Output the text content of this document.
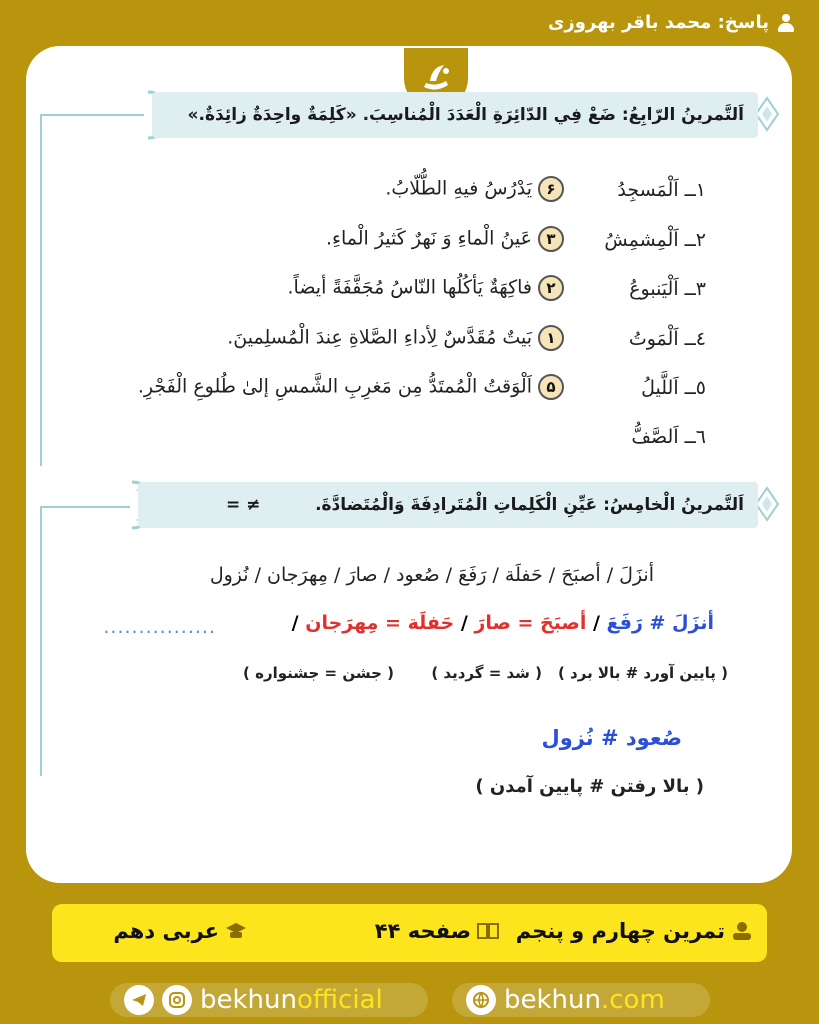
پاسخ: محمد باقر بهروزی
اَلتَّمرینُ الرّابِعُ: ضَعْ فِي الدّائِرَةِ الْعَدَدَ الْمُناسِبَ. «کَلِمَةٌ واحِدَةٌ زائِدَةٌ.»
١ــ اَلْمَسجِدُ
٢ــ اَلْمِشمِشُ
٣ــ اَلْیَنبوعُ
٤ــ اَلْمَوتُ
٥ــ اَللَّیلُ
٦ــ اَلصَّفُّ
۶یَدْرُسُ فیهِ الطُّلّابُ.
۳عَینُ الْماءِ وَ نَهرٌ کَثیرُ الْماءِ.
۲فاکِهَةٌ یَأکُلُها النّاسُ مُجَفَّفَةً أیضاً.
۱بَیتٌ مُقَدَّسٌ لِأداءِ الصَّلاةِ عِندَ الْمُسلِمینَ.
۵اَلْوَقتُ الْمُمتَدُّ مِن مَغرِبِ الشَّمسِ إلیٰ طُلوعِ الْفَجْرِ.
اَلتَّمرینُ الْخامِسُ: عَیِّنِ الْکَلِماتِ الْمُتَرادِفَةَ وَالْمُتَضادَّةَ.
= ≠
أنزَلَ / أصبَحَ / حَفلَة / رَفَعَ / صُعود / صارَ / مِهرَجان / نُزول
أنزَلَ # رَفَعَ / أصبَحَ = صارَ / حَفلَة = مِهرَجان /
................
( پایین آورد # بالا برد )
( شد = گردید )
( جشن = جشنواره )
صُعود # نُزول
( بالا رفتن # پایین آمدن )
تمرین چهارم و پنجم
صفحه ۴۴
عربی دهم
bekhunofficial	bekhun.com
